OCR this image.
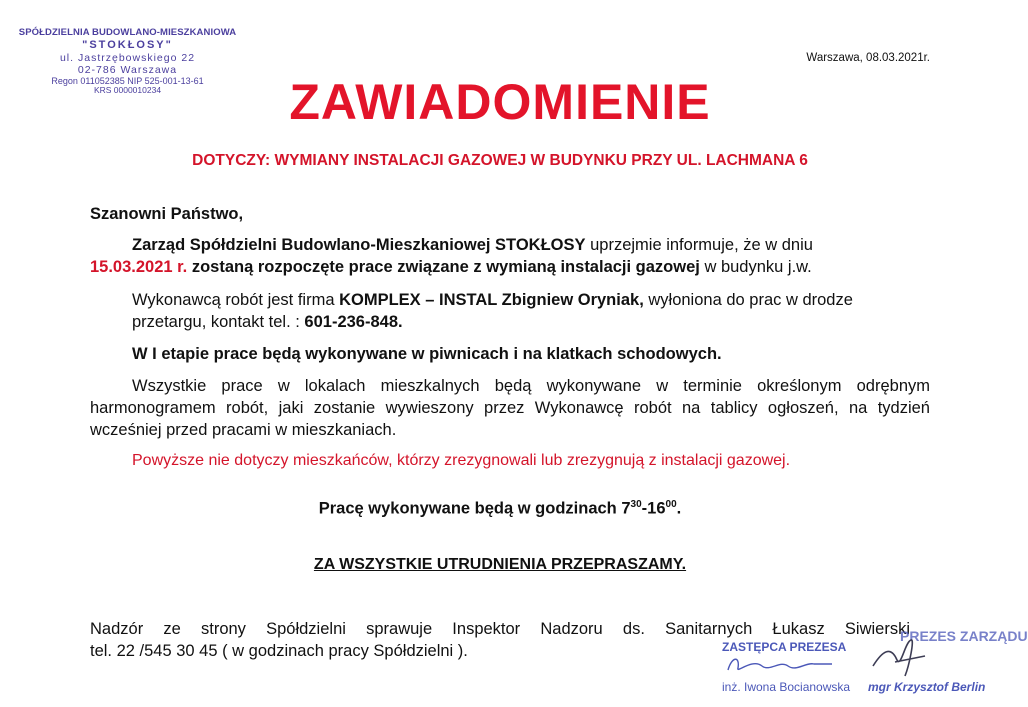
SPÓŁDZIELNIA BUDOWLANO-MIESZKANIOWA
"STOKŁOSY"
ul. Jastrzębowskiego 22
02-786 Warszawa
Regon 011052385 NIP 525-001-13-61
KRS 0000010234
Warszawa, 08.03.2021r.
ZAWIADOMIENIE
DOTYCZY: WYMIANY INSTALACJI GAZOWEJ W BUDYNKU PRZY UL. LACHMANA 6
Szanowni Państwo,
Zarząd Spółdzielni Budowlano-Mieszkaniowej STOKŁOSY uprzejmie informuje, że w dniu
15.03.2021 r. zostaną rozpoczęte prace związane z wymianą instalacji gazowej w budynku j.w.
Wykonawcą robót jest firma KOMPLEX – INSTAL Zbigniew Oryniak, wyłoniona do prac w drodze przetargu, kontakt tel. : 601-236-848.
W I etapie prace będą wykonywane w piwnicach i na klatkach schodowych.
Wszystkie prace w lokalach mieszkalnych będą wykonywane w terminie określonym odrębnym harmonogramem robót, jaki zostanie wywieszony przez Wykonawcę robót na tablicy ogłoszeń, na tydzień wcześniej przed pracami w mieszkaniach.
Powyższe nie dotyczy mieszkańców, którzy zrezygnowali lub zrezygnują z instalacji gazowej.
Pracę wykonywane będą w godzinach $7^{30}-16^{00}$.
ZA WSZYSTKIE UTRUDNIENIA PRZEPRASZAMY.
Nadzór ze strony Spółdzielni sprawuje Inspektor Nadzoru ds. Sanitarnych Łukasz Siwierski
tel. 22 /545 30 45 ( w godzinach pracy Spółdzielni ).	ZASTĘPCA PREZESA
inż. Iwona Bocianowska
PREZES ZARZĄDU
mgr Krzysztof Berlin
